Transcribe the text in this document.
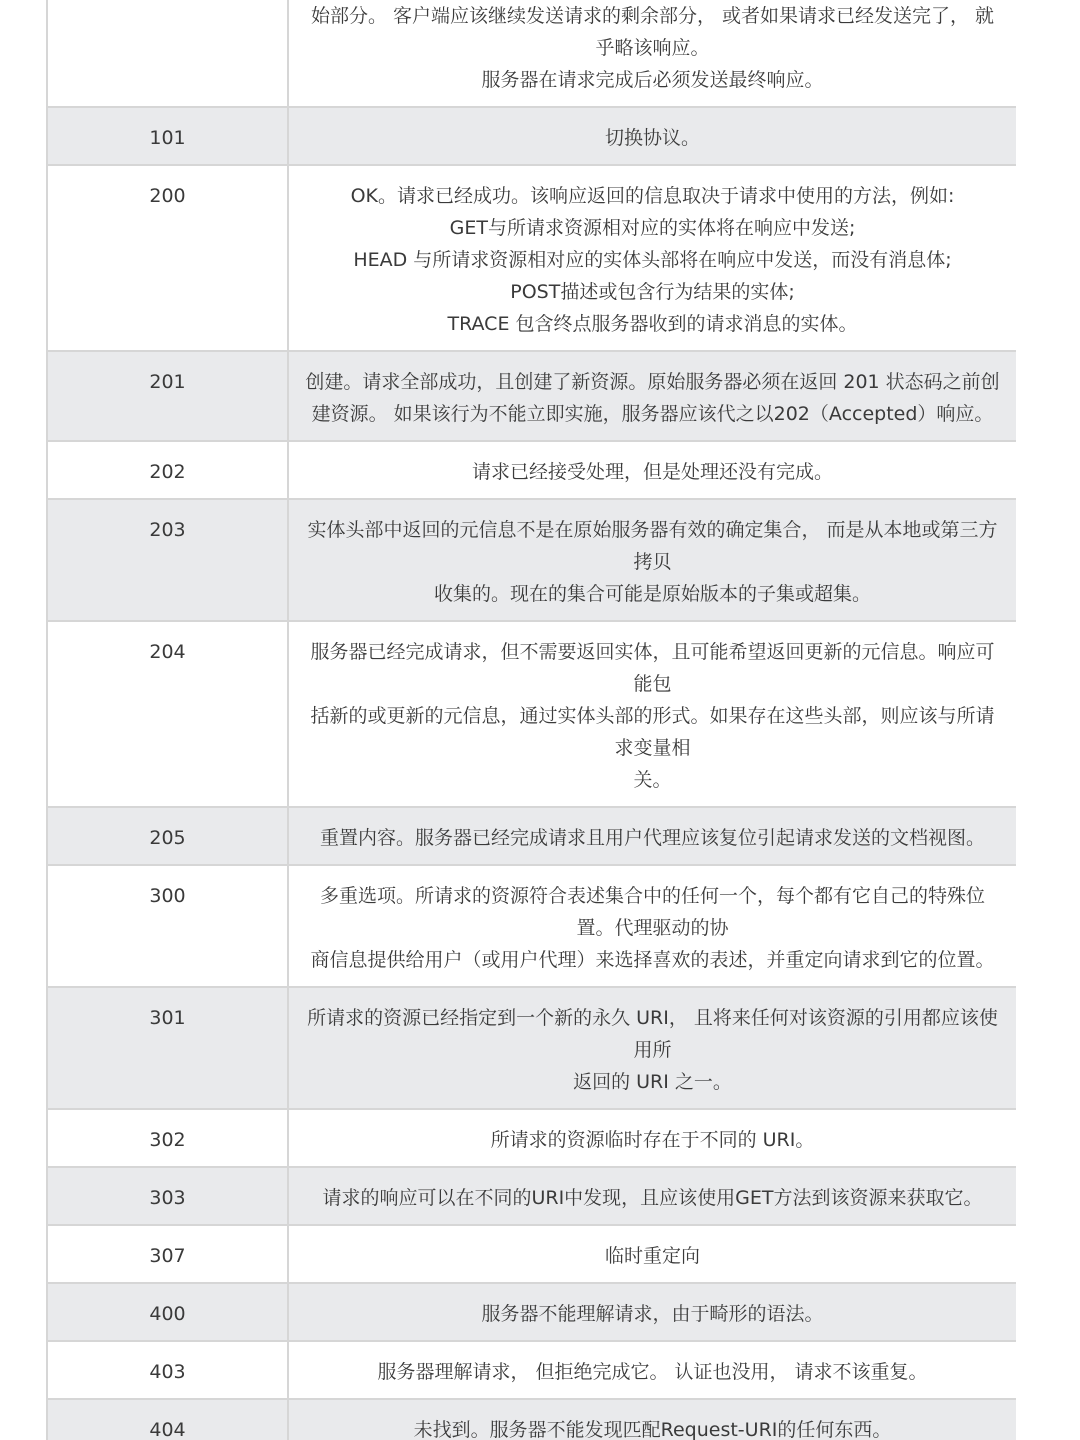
	始部分。 客户端应该继续发送请求的剩余部分， 或者如果请求已经发送完了， 就
乎略该响应。
服务器在请求完成后必须发送最终响应。

101	切换协议。

200	OK。请求已经成功。该响应返回的信息取决于请求中使用的方法，例如:
GET与所请求资源相对应的实体将在响应中发送;
HEAD 与所请求资源相对应的实体头部将在响应中发送，而没有消息体;
POST描述或包含行为结果的实体;
TRACE 包含终点服务器收到的请求消息的实体。

201	创建。请求全部成功，且创建了新资源。原始服务器必须在返回 201 状态码之前创
建资源。 如果该行为不能立即实施，服务器应该代之以202（Accepted）响应。

202	请求已经接受处理，但是处理还没有完成。

203	实体头部中返回的元信息不是在原始服务器有效的确定集合， 而是从本地或第三方
拷贝
收集的。现在的集合可能是原始版本的子集或超集。

204	服务器已经完成请求，但不需要返回实体，且可能希望返回更新的元信息。响应可
能包
括新的或更新的元信息，通过实体头部的形式。如果存在这些头部，则应该与所请
求变量相
关。

205	重置内容。服务器已经完成请求且用户代理应该复位引起请求发送的文档视图。

300	多重选项。所请求的资源符合表述集合中的任何一个，每个都有它自己的特殊位
置。代理驱动的协
商信息提供给用户（或用户代理）来选择喜欢的表述，并重定向请求到它的位置。

301	所请求的资源已经指定到一个新的永久 URI， 且将来任何对该资源的引用都应该使
用所
返回的 URI 之一。

302	所请求的资源临时存在于不同的 URI。

303	请求的响应可以在不同的URI中发现，且应该使用GET方法到该资源来获取它。

307	临时重定向

400	服务器不能理解请求，由于畸形的语法。

403	服务器理解请求， 但拒绝完成它。 认证也没用， 请求不该重复。

404	未找到。服务器不能发现匹配Request-URI的任何东西。
